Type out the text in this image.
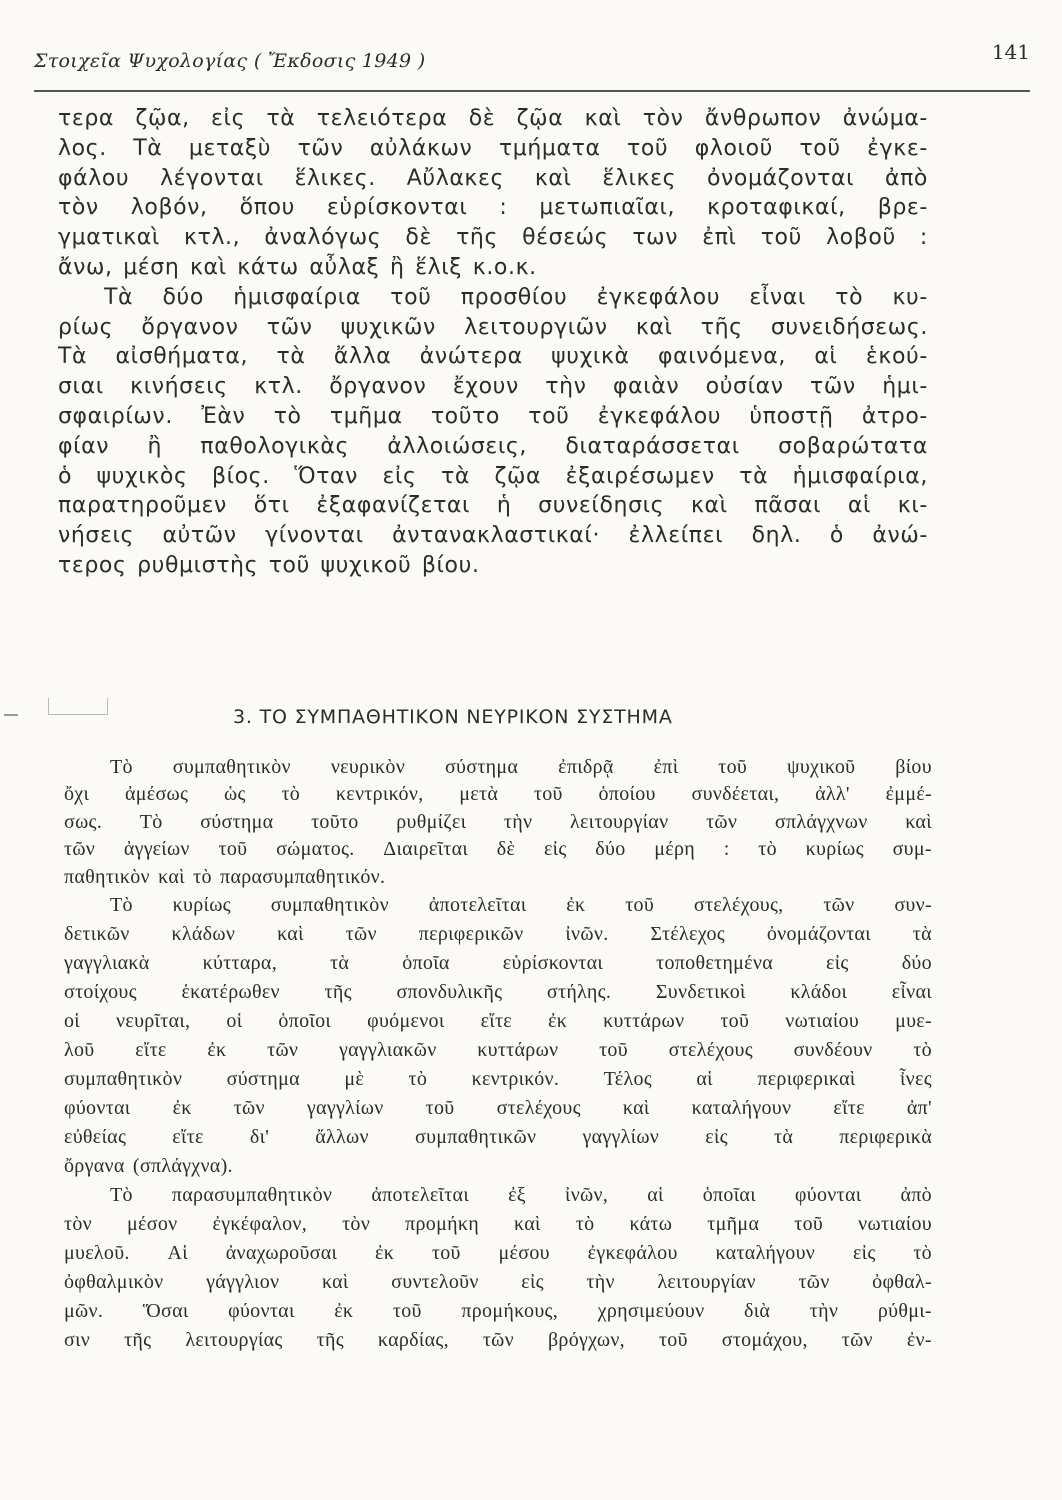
Στοιχεῖα Ψυχολογίας ( Ἔκδοσις 1949 )	141
τερα ζῷα, εἰς τὰ τελειότερα δὲ ζῷα καὶ τὸν ἄνθρωπον ἀνώμα-
λος. Τὰ μεταξὺ τῶν αὐλάκων τμήματα τοῦ φλοιοῦ τοῦ ἐγκε-
φάλου λέγονται ἕλικες. Αὔλακες καὶ ἕλικες ὀνομάζονται ἀπὸ
τὸν λοβόν, ὅπου εὑρίσκονται : μετωπιαῖαι, κροταφικαί, βρε-
γματικαὶ κτλ., ἀναλόγως δὲ τῆς θέσεώς των ἐπὶ τοῦ λοβοῦ :
ἄνω, μέση καὶ κάτω αὖλαξ ἢ ἕλιξ κ.ο.κ.
Τὰ δύο ἡμισφαίρια τοῦ προσθίου ἐγκεφάλου εἶναι τὸ κυ-
ρίως ὄργανον τῶν ψυχικῶν λειτουργιῶν καὶ τῆς συνειδήσεως.
Τὰ αἰσθήματα, τὰ ἄλλα ἀνώτερα ψυχικὰ φαινόμενα, αἱ ἑκού-
σιαι κινήσεις κτλ. ὄργανον ἔχουν τὴν φαιὰν οὐσίαν τῶν ἡμι-
σφαιρίων. Ἐὰν τὸ τμῆμα τοῦτο τοῦ ἐγκεφάλου ὑποστῇ ἀτρο-
φίαν ἢ παθολογικὰς ἀλλοιώσεις, διαταράσσεται σοβαρώτατα
ὁ ψυχικὸς βίος. Ὅταν εἰς τὰ ζῷα ἐξαιρέσωμεν τὰ ἡμισφαίρια,
παρατηροῦμεν ὅτι ἐξαφανίζεται ἡ συνείδησις καὶ πᾶσαι αἱ κι-
νήσεις αὐτῶν γίνονται ἀντανακλαστικαί· ἐλλείπει δηλ. ὁ ἀνώ-
τερος ρυθμιστὴς τοῦ ψυχικοῦ βίου.
3. ΤΟ ΣΥΜΠΑΘΗΤΙΚΟΝ ΝΕΥΡΙΚΟΝ ΣΥΣΤΗΜΑ
Τὸ συμπαθητικὸν νευρικὸν σύστημα ἐπιδρᾷ ἐπὶ τοῦ ψυχικοῦ βίου
ὄχι ἀμέσως ὡς τὸ κεντρικόν, μετὰ τοῦ ὁποίου συνδέεται, ἀλλ' ἐμμέ-
σως. Τὸ σύστημα τοῦτο ρυθμίζει τὴν λειτουργίαν τῶν σπλάγχνων καὶ
τῶν ἀγγείων τοῦ σώματος. Διαιρεῖται δὲ εἰς δύο μέρη : τὸ κυρίως συμ-
παθητικὸν καὶ τὸ παρασυμπαθητικόν.
Τὸ κυρίως συμπαθητικὸν ἀποτελεῖται ἐκ τοῦ στελέχους, τῶν συν-
δετικῶν κλάδων καὶ τῶν περιφερικῶν ἰνῶν. Στέλεχος ὀνομάζονται τὰ
γαγγλιακὰ	κύτταρα,	τὰ	ὁποῖα	εὑρίσκονται	τοποθετημένα	εἰς	δύο
στοίχους ἑκατέρωθεν τῆς σπονδυλικῆς στήλης. Συνδετικοὶ κλάδοι εἶναι
οἱ νευρῖται, οἱ ὁποῖοι φυόμενοι εἴτε ἐκ κυττάρων τοῦ νωτιαίου μυε-
λοῦ εἴτε ἐκ τῶν γαγγλιακῶν κυττάρων τοῦ στελέχους συνδέουν τὸ
συμπαθητικὸν σύστημα μὲ τὸ κεντρικόν. Τέλος αἱ περιφερικαὶ ἶνες
φύονται ἐκ τῶν γαγγλίων τοῦ στελέχους καὶ καταλήγουν εἴτε ἀπ'
εὐθείας εἴτε δι' ἄλλων συμπαθητικῶν γαγγλίων εἰς τὰ περιφερικὰ
ὄργανα (σπλάγχνα).
Τὸ παρασυμπαθητικὸν ἀποτελεῖται ἐξ ἰνῶν, αἱ ὁποῖαι φύονται ἀπὸ
τὸν μέσον ἐγκέφαλον, τὸν προμήκη καὶ τὸ κάτω τμῆμα τοῦ νωτιαίου
μυελοῦ. Αἱ ἀναχωροῦσαι ἐκ τοῦ μέσου ἐγκεφάλου καταλήγουν εἰς τὸ
ὀφθαλμικὸν γάγγλιον καὶ συντελοῦν εἰς τὴν λειτουργίαν τῶν ὀφθαλ-
μῶν. Ὅσαι φύονται ἐκ τοῦ προμήκους, χρησιμεύουν διὰ τὴν ρύθμι-
σιν τῆς λειτουργίας τῆς καρδίας, τῶν βρόγχων, τοῦ στομάχου, τῶν ἐν-
